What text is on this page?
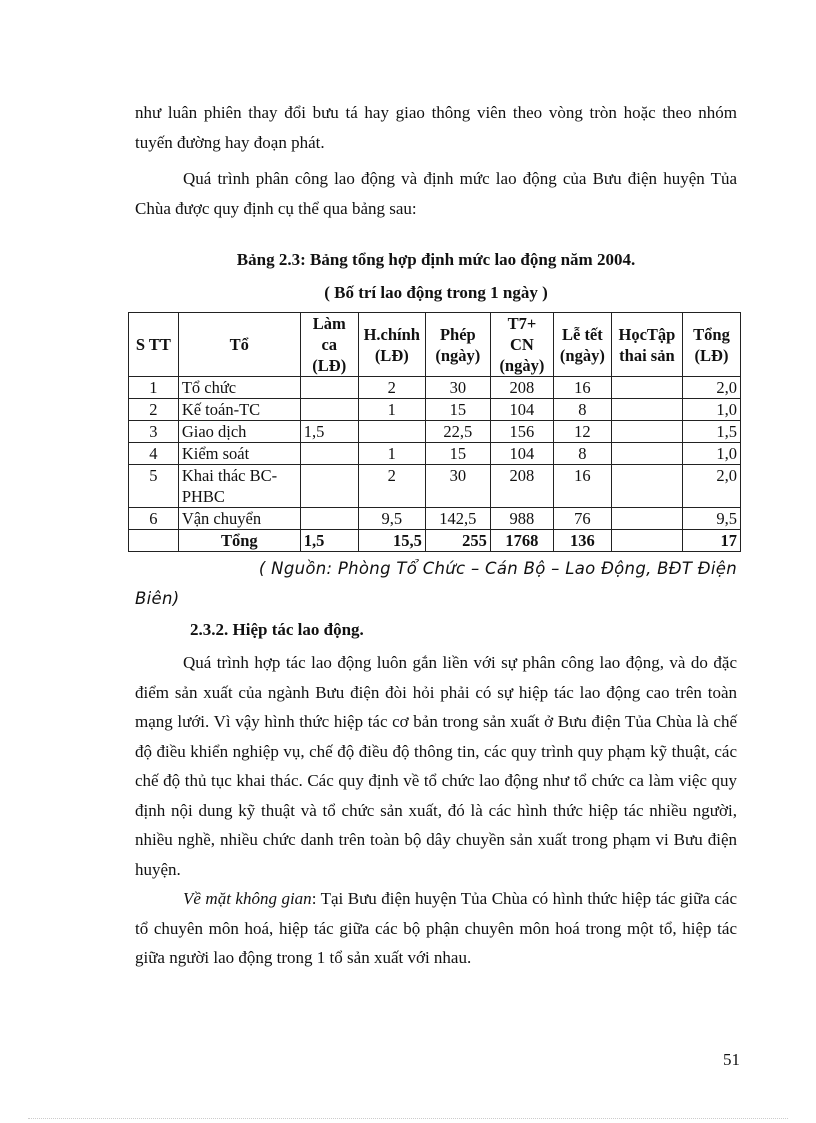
như luân phiên thay đổi bưu tá hay giao thông viên theo vòng tròn hoặc theo nhóm tuyến đường hay đoạn phát.

Quá trình phân công lao động và định mức lao động của Bưu điện huyện Tủa Chùa được quy định cụ thể qua bảng sau:

Bảng 2.3: Bảng tổng hợp định mức lao động năm 2004.

( Bố trí lao động trong 1 ngày )

S TT	Tổ	Làm ca (LĐ)	H.chính (LĐ)	Phép (ngày)	T7+ CN (ngày)	Lễ tết (ngày)	HọcTập thai sản	Tổng (LĐ)
1	Tổ chức		2	30	208	16		2,0
2	Kế toán-TC		1	15	104	8		1,0
3	Giao dịch	1,5		22,5	156	12		1,5
4	Kiểm soát		1	15	104	8		1,0
5	Khai thác BC-PHBC		2	30	208	16		2,0
6	Vận chuyển		9,5	142,5	988	76		9,5
	Tổng	1,5	15,5	255	1768	136		17

( Nguồn: Phòng Tổ Chức – Cán Bộ – Lao Động, BĐT Điện
Biên)

2.3.2. Hiệp tác lao động.

Quá trình hợp tác lao động luôn gắn liền với sự phân công lao động, và do đặc điểm sản xuất của ngành Bưu điện đòi hỏi phải có sự hiệp tác lao động cao trên toàn mạng lưới. Vì vậy hình thức hiệp tác cơ bản trong sản xuất ở Bưu điện Tủa Chùa là chế độ điều khiển nghiệp vụ, chế độ điều độ thông tin, các quy trình quy phạm kỹ thuật, các chế độ thủ tục khai thác. Các quy định về tổ chức lao động như tổ chức ca làm việc quy định nội dung kỹ thuật và tổ chức sản xuất, đó là các hình thức hiệp tác nhiều người, nhiều nghề, nhiều chức danh trên toàn bộ dây chuyền sản xuất trong phạm vi Bưu điện huyện.

Về mặt không gian: Tại Bưu điện huyện Tủa Chùa có hình thức hiệp tác giữa các tổ chuyên môn hoá, hiệp tác giữa các bộ phận chuyên môn hoá trong một tổ, hiệp tác giữa người lao động trong 1 tổ sản xuất với nhau.

51
